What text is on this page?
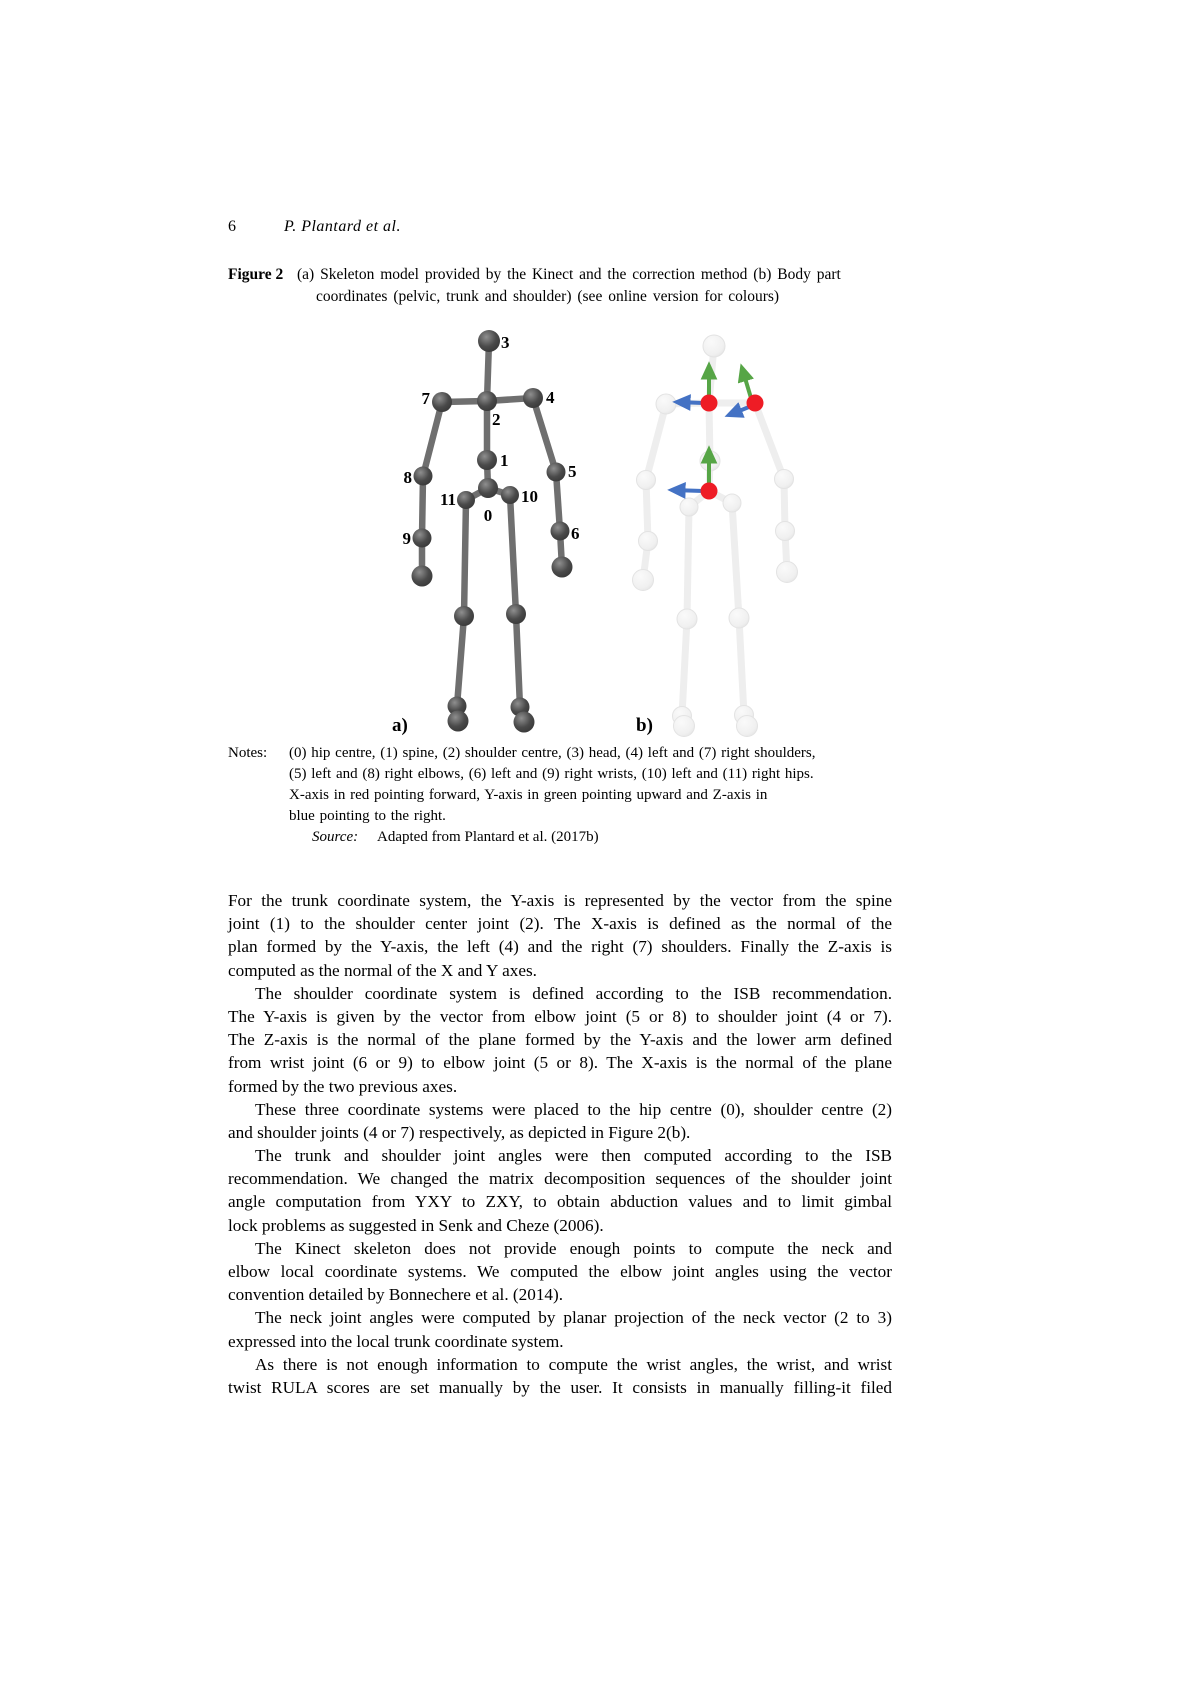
6	P. Plantard et al.
Figure 2 (a) Skeleton model provided by the Kinect and the correction method (b) Body part
coordinates (pelvic, trunk and shoulder) (see online version for colours)
3
7	4
2
1
8	5
11	10
0
9	6
a)	b)
Notes: (0) hip centre, (1) spine, (2) shoulder centre, (3) head, (4) left and (7) right shoulders,
(5) left and (8) right elbows, (6) left and (9) right wrists, (10) left and (11) right hips.
X-axis in red pointing forward, Y-axis in green pointing upward and Z-axis in
blue pointing to the right.
Source: Adapted from Plantard et al. (2017b)
For the trunk coordinate system, the Y-axis is represented by the vector from the spine
joint (1) to the shoulder center joint (2). The X-axis is defined as the normal of the
plan formed by the Y-axis, the left (4) and the right (7) shoulders. Finally the Z-axis is
computed as the normal of the X and Y axes.
The shoulder coordinate system is defined according to the ISB recommendation.
The Y-axis is given by the vector from elbow joint (5 or 8) to shoulder joint (4 or 7).
The Z-axis is the normal of the plane formed by the Y-axis and the lower arm defined
from wrist joint (6 or 9) to elbow joint (5 or 8). The X-axis is the normal of the plane
formed by the two previous axes.
These three coordinate systems were placed to the hip centre (0), shoulder centre (2)
and shoulder joints (4 or 7) respectively, as depicted in Figure 2(b).
The trunk and shoulder joint angles were then computed according to the ISB
recommendation. We changed the matrix decomposition sequences of the shoulder joint
angle computation from YXY to ZXY, to obtain abduction values and to limit gimbal
lock problems as suggested in Senk and Cheze (2006).
The Kinect skeleton does not provide enough points to compute the neck and
elbow local coordinate systems. We computed the elbow joint angles using the vector
convention detailed by Bonnechere et al. (2014).
The neck joint angles were computed by planar projection of the neck vector (2 to 3)
expressed into the local trunk coordinate system.
As there is not enough information to compute the wrist angles, the wrist, and wrist
twist RULA scores are set manually by the user. It consists in manually filling-it filed
